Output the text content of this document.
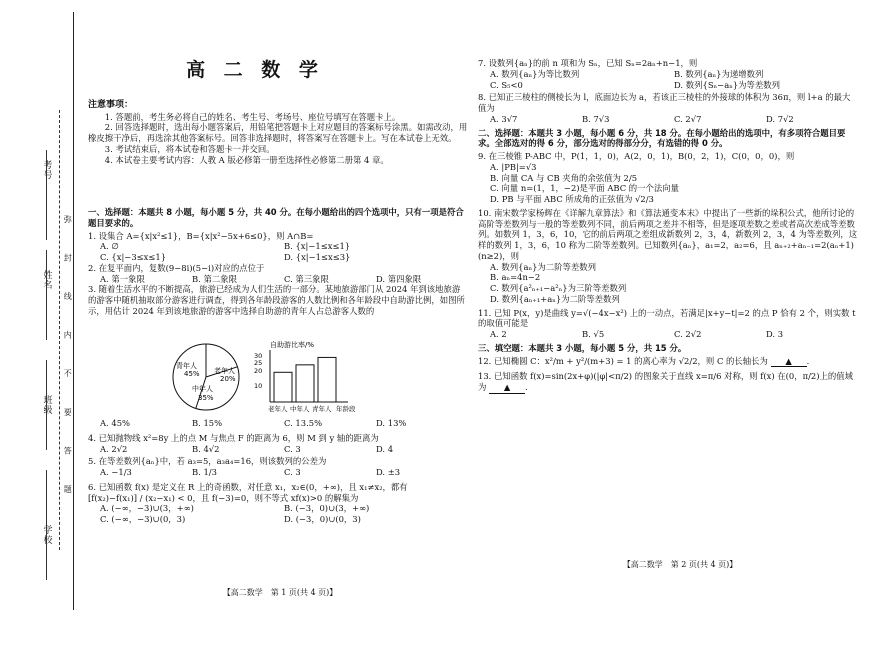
弥 封 线 内 不 要 答 题
高 二 数 学

注意事项：

1. 答题前，考生务必将自己的姓名、考生号、考场号、座位号填写在答题卡上。

2. 回答选择题时，选出每小题答案后，用铅笔把答题卡上对应题目的答案标号涂黑。如需改动，用橡皮擦干净后，再选涂其他答案标号。回答非选择题时，将答案写在答题卡上。写在本试卷上无效。

3. 考试结束后，将本试卷和答题卡一并交回。

4. 本试卷主要考试内容：人教 A 版必修第一册至选择性必修第二册第 4 章。

一、选择题：本题共 8 小题，每小题 5 分，共 40 分。在每小题给出的四个选项中，只有一项是符合题目要求的。

1. 设集合 A={x|x²≤1}，B={x|x²−5x+6≤0}，则 A∩B=

A. ∅	B. {x|−1≤x≤1}
C. {x|−3≤x≤1}	D. {x|−1≤x≤3}

2. 在复平面内，复数(9−8i)(5−i)对应的点位于

A. 第一象限	B. 第二象限	C. 第三象限	D. 第四象限

3. 随着生活水平的不断提高，旅游已经成为人们生活的一部分。某地旅游部门从 2024 年到该地旅游的游客中随机抽取部分游客进行调查，得到各年龄段游客的人数比例和各年龄段中自助游比例，如图所示，用估计 2024 年到该地旅游的游客中选择自助游的青年人占总游客人数的

青年人
45% 老年人
20%
中年人
35%
自助游比率/%
30
25
20
10
老年人 中年人 青年人 年龄段
A. 45%	B. 15%	C. 13.5%	D. 13%

4. 已知抛物线 x²=8y 上的点 M 与焦点 F 的距离为 6，则 M 到 y 轴的距离为

A. 2√2	B. 4√2	C. 3	D. 4

5. 在等差数列{aₙ}中，若 a₃=5，a₃a₄=16，则该数列的公差为

A. −1/3	B. 1/3	C. 3	D. ±3

6. 已知函数 f(x) 是定义在 R 上的奇函数，对任意 x₁，x₂∈(0，+∞)，且 x₁≠x₂，都有

[f(x₂)−f(x₁)] / (x₂−x₁) < 0，且 f(−3)=0，则不等式 xf(x)>0 的解集为

A. (−∞，−3)∪(3，+∞)	B. (−3，0)∪(3，+∞)
C. (−∞，−3)∪(0，3)	D. (−3，0)∪(0，3)
【高二数学　第 1 页(共 4 页)】

7. 设数列{aₙ}的前 n 项和为 Sₙ，已知 Sₙ=2aₙ+n−1，则

A. 数列{aₙ}为等比数列	B. 数列{aₙ}为递增数列
C. S₅<0	D. 数列{Sₙ−aₙ}为等差数列

8. 已知正三棱柱的侧棱长为 l，底面边长为 a，若该正三棱柱的外接球的体积为 36π，则 l+a 的最大值为

A. 3√7	B. 7√3	C. 2√7	D. 7√2

二、选择题：本题共 3 小题，每小题 6 分，共 18 分。在每小题给出的选项中，有多项符合题目要求。全部选对的得 6 分，部分选对的得部分分，有选错的得 0 分。

9. 在三棱锥 P-ABC 中，P(1，1，0)，A(2，0，1)，B(0，2，1)，C(0，0，0)，则

A. |PB|=√3

B. 向量 CA 与 CB 夹角的余弦值为 2/5

C. 向量 n=(1，1，−2)是平面 ABC 的一个法向量

D. PB 与平面 ABC 所成角的正弦值为 √2/3

10. 南宋数学家杨辉在《详解九章算法》和《算法通变本末》中提出了一些新的垛积公式，他所讨论的高阶等差数列与一般的等差数列不同，前后两项之差并不相等，但是逐项差数之差或者高次差成等差数列。如数列 1，3，6，10，它的前后两项之差组成新数列 2，3，4，新数列 2，3，4 为等差数列，这样的数列 1，3，6，10 称为二阶等差数列。已知数列{aₙ}，a₁=2，a₂=6，且 aₙ₊₂+aₙ₋₁=2(aₙ+1)(n≥2)，则

A. 数列{aₙ}为二阶等差数列

B. aₙ=4n−2

C. 数列{a²ₙ₊₁−a²ₙ}为三阶等差数列

D. 数列{aₙ₊₁+aₙ}为二阶等差数列

11. 已知 P(x，y)是曲线 y=√(−4x−x²) 上的一动点，若满足|x+y−t|=2 的点 P 恰有 2 个，则实数 t 的取值可能是

A. 2	B. √5	C. 2√2	D. 3

三、填空题：本题共 3 小题，每小题 5 分，共 15 分。

12. 已知椭圆 C：x²/m + y²/(m+3) = 1 的离心率为 √2/2，则 C 的长轴长为 ▲ .

13. 已知函数 f(x)=sin(2x+φ)(|φ|<π/2) 的图象关于直线 x=π/6 对称，则 f(x) 在(0，π/2)上的值域为 ▲ .

【高二数学　第 2 页(共 4 页)】
